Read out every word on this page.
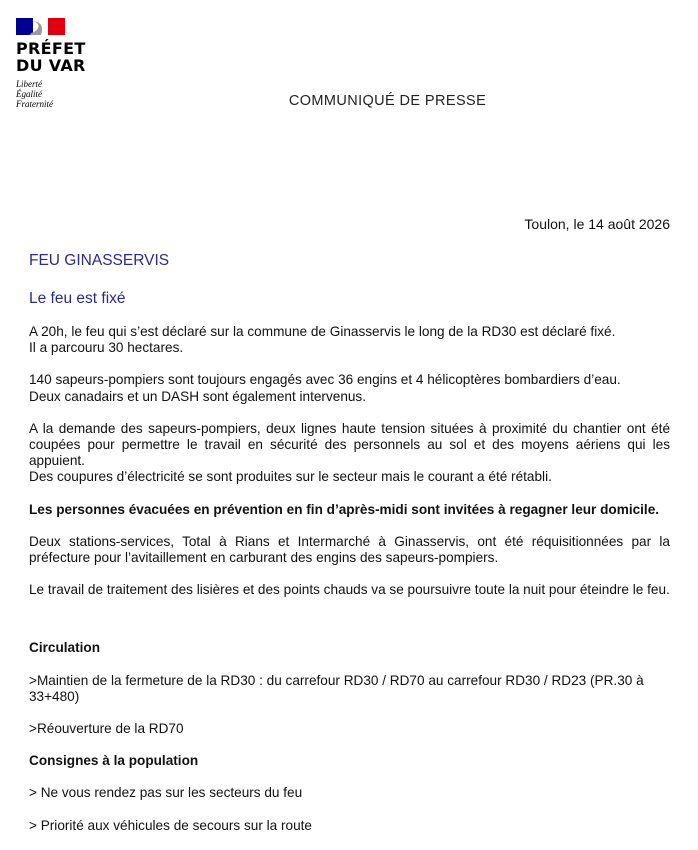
PRÉFET
DU VAR
Liberté
Égalité
Fraternité	COMMUNIQUÉ DE PRESSE
Toulon, le 14 août 2026
FEU GINASSERVIS
Le feu est fixé

A 20h, le feu qui s’est déclaré sur la commune de Ginasservis le long de la RD30 est déclaré fixé.
Il a parcouru 30 hectares.

140 sapeurs-pompiers sont toujours engagés avec 36 engins et 4 hélicoptères bombardiers d’eau.
Deux canadairs et un DASH sont également intervenus.

A la demande des sapeurs-pompiers, deux lignes haute tension situées à proximité du chantier ont été coupées pour permettre le travail en sécurité des personnels au sol et des moyens aériens qui les appuient.
Des coupures d’électricité se sont produites sur le secteur mais le courant a été rétabli.

Les personnes évacuées en prévention en fin d’après-midi sont invitées à regagner leur domicile.

Deux stations-services, Total à Rians et Intermarché à Ginasservis, ont été réquisitionnées par la préfecture pour l’avitaillement en carburant des engins des sapeurs-pompiers.

Le travail de traitement des lisières et des points chauds va se poursuivre toute la nuit pour éteindre le feu.

Circulation

>Maintien de la fermeture de la RD30 : du carrefour RD30 / RD70 au carrefour RD30 / RD23 (PR.30 à 33+480)

>Réouverture de la RD70

Consignes à la population

> Ne vous rendez pas sur les secteurs du feu

> Priorité aux véhicules de secours sur la route
